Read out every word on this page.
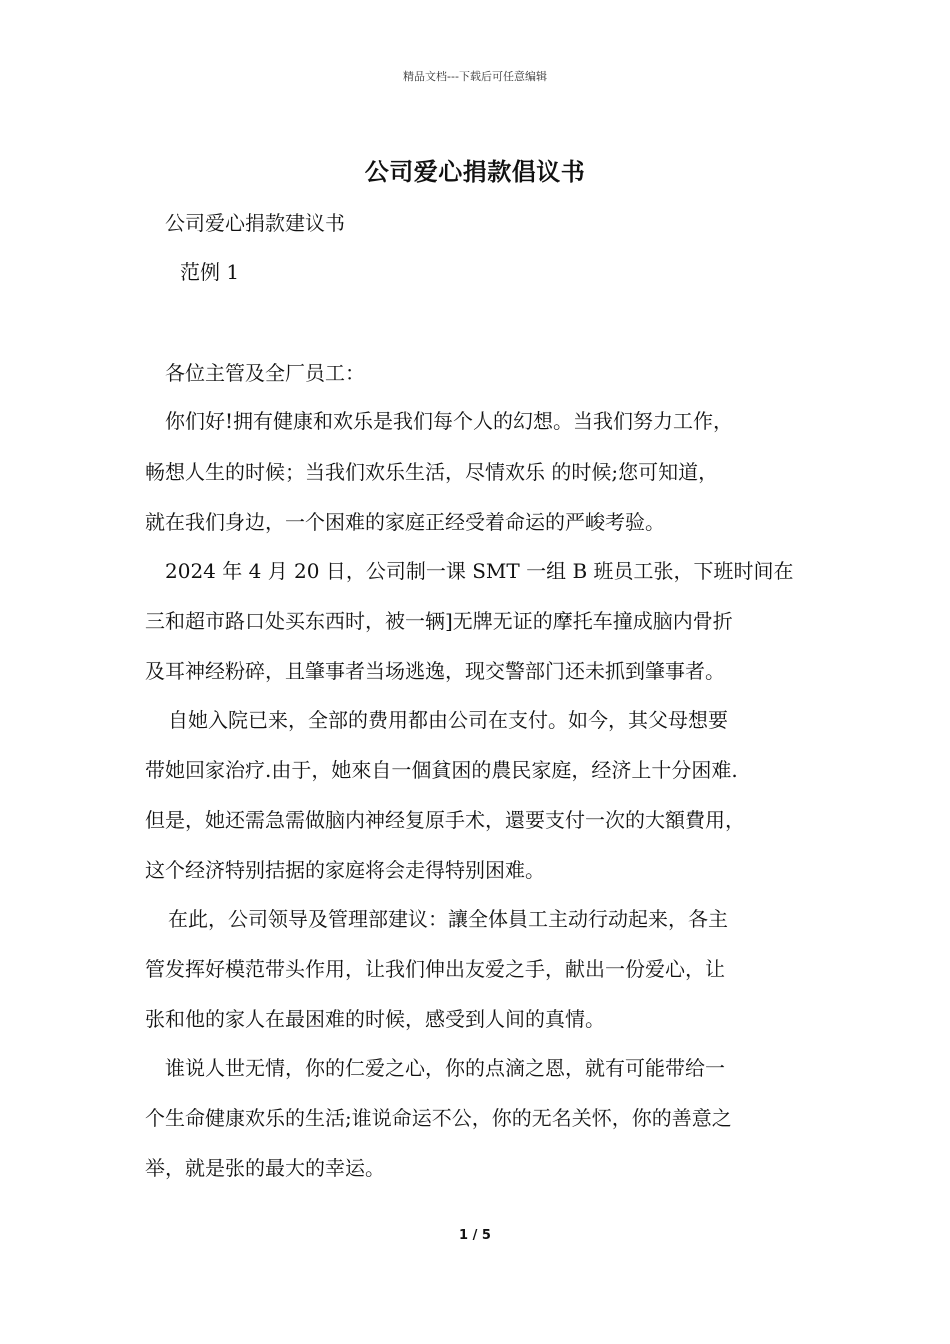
精品文档---下载后可任意编辑
公司爱心捐款倡议书
公司爱心捐款建议书
范例 1
各位主管及全厂员工：
你们好!拥有健康和欢乐是我们每个人的幻想。当我们努力工作，
畅想人生的时候；当我们欢乐生活，尽情欢乐 的时候;您可知道，
就在我们身边，一个困难的家庭正经受着命运的严峻考验。
2024 年 4 月 20 日，公司制一课 SMT 一组 B 班员工张，下班时间在
三和超市路口处买东西时，被一辆]无牌无证的摩托车撞成脑内骨折
及耳神经粉碎，且肇事者当场逃逸，现交警部门还未抓到肇事者。
自她入院已来，全部的费用都由公司在支付。如今，其父母想要
带她回家治疗.由于，她來自一個貧困的農民家庭，经济上十分困难.
但是，她还需急需做脑内神经复原手术，還要支付一次的大額費用，
这个经济特别拮据的家庭将会走得特别困难。
在此，公司领导及管理部建议：讓全体員工主动行动起来，各主
管发挥好模范带头作用，让我们伸出友爱之手，献出一份爱心，让
张和他的家人在最困难的时候，感受到人间的真情。
谁说人世无情，你的仁爱之心，你的点滴之恩，就有可能带给一
个生命健康欢乐的生活;谁说命运不公，你的无名关怀，你的善意之
举，就是张的最大的幸运。
1 / 5
